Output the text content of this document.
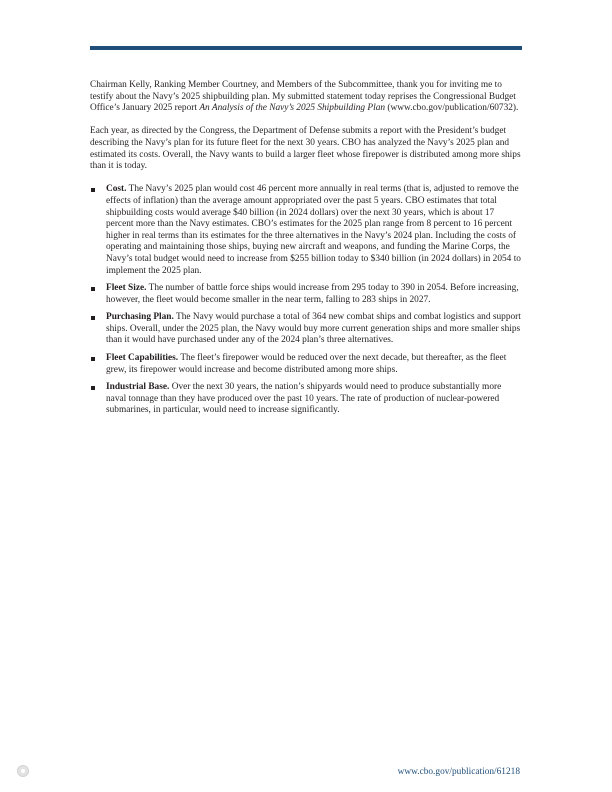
Chairman Kelly, Ranking Member Courtney, and Members of the Subcommittee, thank you for inviting me to testify about the Navy’s 2025 shipbuilding plan. My submitted statement today reprises the Congressional Budget Office’s January 2025 report An Analysis of the Navy’s 2025 Shipbuilding Plan (www.cbo.gov/publication/60732).

Each year, as directed by the Congress, the Department of Defense submits a report with the President’s budget describing the Navy’s plan for its future fleet for the next 30 years. CBO has analyzed the Navy’s 2025 plan and estimated its costs. Overall, the Navy wants to build a larger fleet whose firepower is distributed among more ships than it is today.

Cost. The Navy’s 2025 plan would cost 46 percent more annually in real terms (that is, adjusted to remove the effects of inflation) than the average amount appropriated over the past 5 years. CBO estimates that total shipbuilding costs would average $40 billion (in 2024 dollars) over the next 30 years, which is about 17 percent more than the Navy estimates. CBO’s estimates for the 2025 plan range from 8 percent to 16 percent higher in real terms than its estimates for the three alternatives in the Navy’s 2024 plan. Including the costs of operating and maintaining those ships, buying new aircraft and weapons, and funding the Marine Corps, the Navy’s total budget would need to increase from $255 billion today to $340 billion (in 2024 dollars) in 2054 to implement the 2025 plan.
Fleet Size. The number of battle force ships would increase from 295 today to 390 in 2054. Before increasing, however, the fleet would become smaller in the near term, falling to 283 ships in 2027.
Purchasing Plan. The Navy would purchase a total of 364 new combat ships and combat logistics and support ships. Overall, under the 2025 plan, the Navy would buy more current generation ships and more smaller ships than it would have purchased under any of the 2024 plan’s three alternatives.
Fleet Capabilities. The fleet’s firepower would be reduced over the next decade, but thereafter, as the fleet grew, its firepower would increase and become distributed among more ships.
Industrial Base. Over the next 30 years, the nation’s shipyards would need to produce substantially more naval tonnage than they have produced over the past 10 years. The rate of production of nuclear-powered submarines, in particular, would need to increase significantly.
www.cbo.gov/publication/61218
